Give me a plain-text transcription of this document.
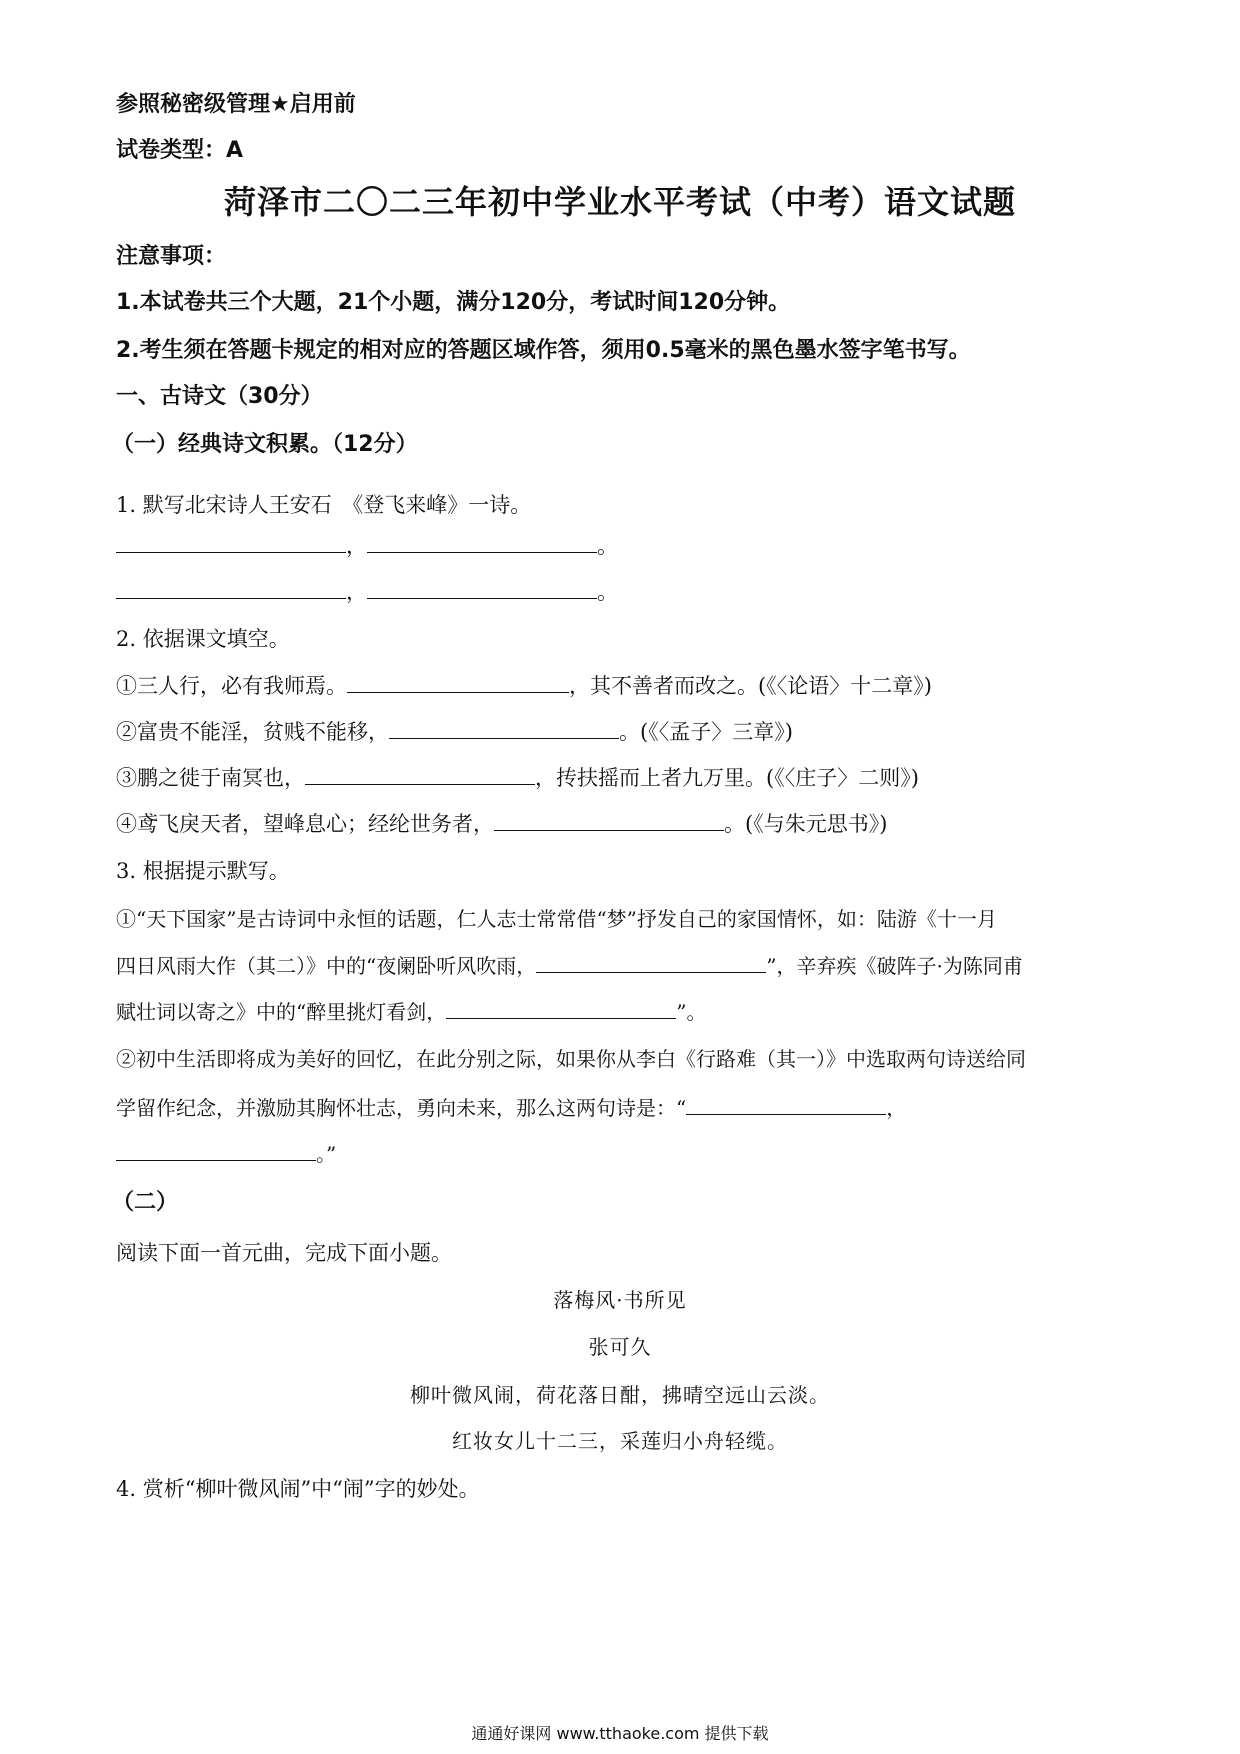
参照秘密级管理★启用前
试卷类型：A
菏泽市二〇二三年初中学业水平考试（中考）语文试题
注意事项：
1.本试卷共三个大题，21个小题，满分120分，考试时间120分钟。
2.考生须在答题卡规定的相对应的答题区域作答，须用0.5毫米的黑色墨水签字笔书写。
一、古诗文（30分）
（一）经典诗文积累。（12分）
1. 默写北宋诗人王安石　《登飞来峰》一诗。
，	。
，	。
2. 依据课文填空。
①三人行，必有我师焉。	，其不善者而改之。(《〈论语〉十二章》)
②富贵不能淫，贫贱不能移，	。(《〈孟子〉三章》)
③鹏之徙于南冥也，	，抟扶摇而上者九万里。(《〈庄子〉二则》)
④鸢飞戾天者，望峰息心；经纶世务者，	。(《与朱元思书》)
3. 根据提示默写。
①“天下国家”是古诗词中永恒的话题，仁人志士常常借“梦”抒发自己的家国情怀，如：陆游《十一月
四日风雨大作（其二）》中的“夜阑卧听风吹雨，	”，辛弃疾《破阵子·为陈同甫
赋壮词以寄之》中的“醉里挑灯看剑，	”。
②初中生活即将成为美好的回忆，在此分别之际，如果你从李白《行路难（其一）》中选取两句诗送给同
学留作纪念，并激励其胸怀壮志，勇向未来，那么这两句诗是：“	，
。”
（二）
阅读下面一首元曲，完成下面小题。
落梅风·书所见
张可久
柳叶微风闹，荷花落日酣，拂晴空远山云淡。
红妆女儿十二三，采莲归小舟轻缆。
4. 赏析“柳叶微风闹”中“闹”字的妙处。
通通好课网 www.tthaoke.com 提供下载
